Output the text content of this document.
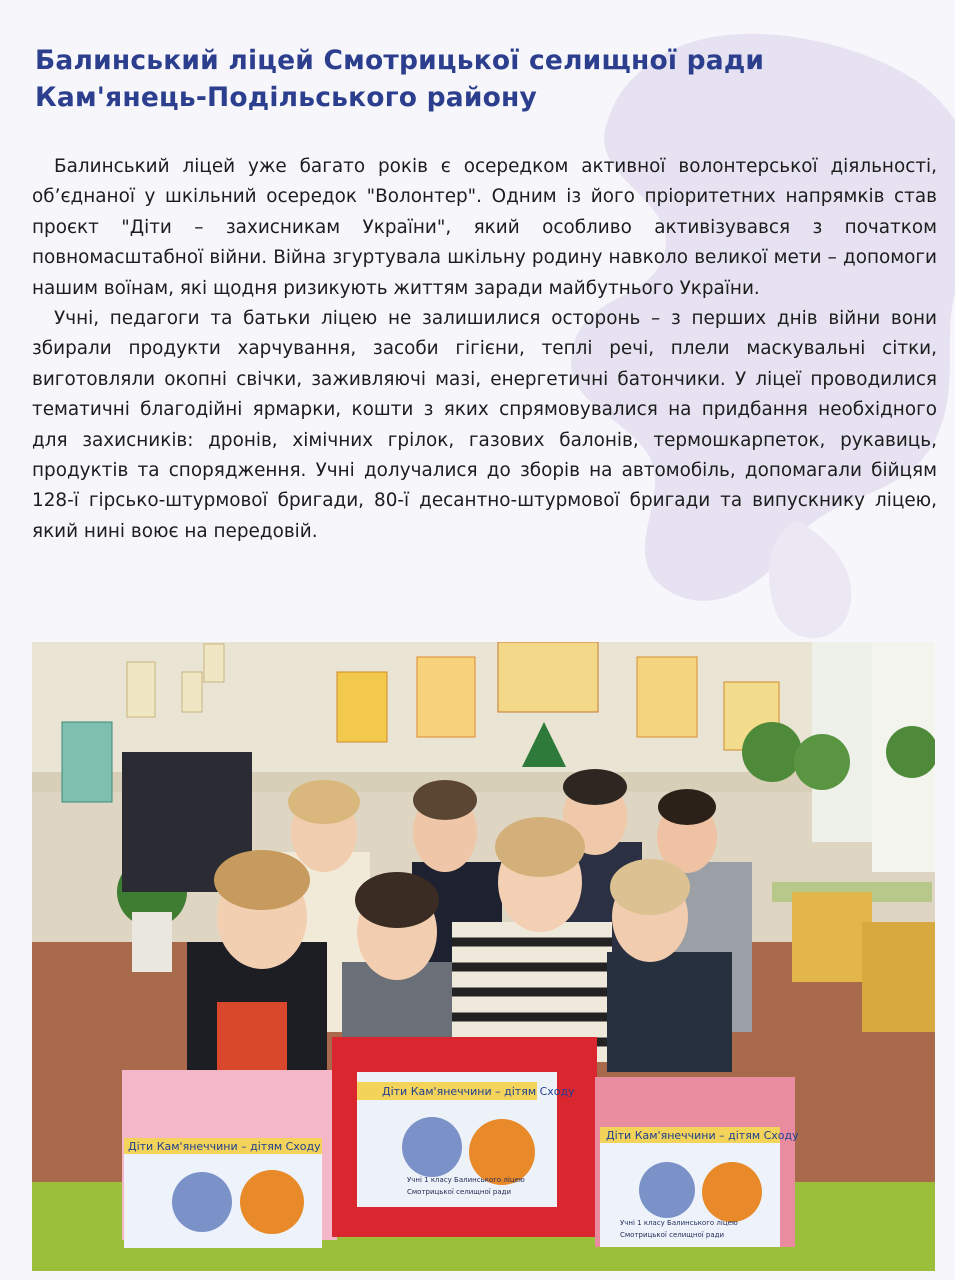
Балинський ліцей Смотрицької селищної ради
Кам'янець-Подільського району

Балинський ліцей уже багато років є осередком активної волонтерської діяльності, об’єднаної у шкільний осередок "Волонтер". Одним із його пріоритетних напрямків став проєкт "Діти – захисникам України", який особливо активізувався з початком повномасштабної війни. Війна згуртувала шкільну родину навколо великої мети – допомоги нашим воїнам, які щодня ризикують життям заради майбутнього України.

Учні, педагоги та батьки ліцею не залишилися осторонь – з перших днів війни вони збирали продукти харчування, засоби гігієни, теплі речі, плели маскувальні сітки, виготовляли окопні свічки, заживляючі мазі, енергетичні батончики. У ліцеї проводилися тематичні благодійні ярмарки, кошти з яких спрямовувалися на придбання необхідного для захисників: дронів, хімічних грілок, газових балонів, термошкарпеток, рукавиць, продуктів та спорядження. Учні долучалися до зборів на автомобіль, допомагали бійцям 128-ї гірсько-штурмової бригади, 80-ї десантно-штурмової бригади та випускнику ліцею, який нині воює на передовій.

Діти Кам'янеччини – дітям Сходу
Діти Кам'янеччини – дітям Сходу
Учні 1 класу Балинського ліцею
Смотрицької селищної ради
Діти Кам'янеччини – дітям Сходу
Учні 1 класу Балинського ліцею
Смотрицької селищної ради
